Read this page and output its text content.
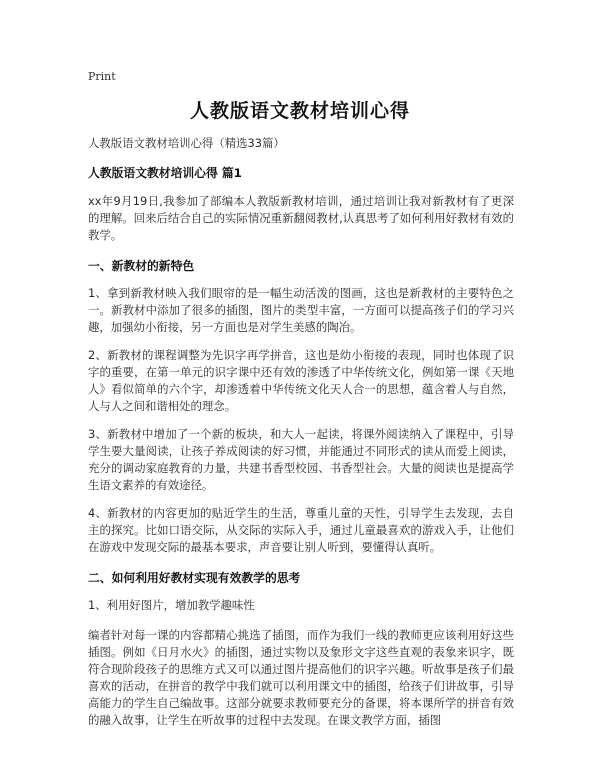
Print
人教版语文教材培训心得

人教版语文教材培训心得（精选33篇）

人教版语文教材培训心得 篇1

xx年9月19日,我参加了部编本人教版新教材培训，通过培训让我对新教材有了更深的理解。回来后结合自己的实际情况重新翻阅教材,认真思考了如何利用好教材有效的教学。

一、新教材的新特色

1、拿到新教材映入我们眼帘的是一幅生动活泼的图画，这也是新教材的主要特色之一。新教材中添加了很多的插图，图片的类型丰富，一方面可以提高孩子们的学习兴趣，加强幼小衔接，另一方面也是对学生美感的陶冶。

2、新教材的课程调整为先识字再学拼音，这也是幼小衔接的表现，同时也体现了识字的重要，在第一单元的识字课中还有效的渗透了中华传统文化，例如第一课《天地人》看似简单的六个字，却渗透着中华传统文化天人合一的思想，蕴含着人与自然，人与人之间和谐相处的理念。

3、新教材中增加了一个新的板块，和大人一起读，将课外阅读纳入了课程中，引导学生要大量阅读，让孩子养成阅读的好习惯，并能通过不同形式的读从而爱上阅读，充分的调动家庭教育的力量，共建书香型校园、书香型社会。大量的阅读也是提高学生语文素养的有效途径。

4、新教材的内容更加的贴近学生的生活，尊重儿童的天性，引导学生去发现，去自主的探究。比如口语交际，从交际的实际入手，通过儿童最喜欢的游戏入手，让他们在游戏中发现交际的最基本要求，声音要让别人听到，要懂得认真听。

二、如何利用好教材实现有效教学的思考

1、利用好图片，增加教学趣味性

编者针对每一课的内容都精心挑选了插图，而作为我们一线的教师更应该利用好这些插图。例如《日月水火》的插图，通过实物以及象形文字这些直观的表象来识字，既符合现阶段孩子的思维方式又可以通过图片提高他们的识字兴趣。听故事是孩子们最喜欢的活动，在拼音的教学中我们就可以利用课文中的插图，给孩子们讲故事，引导高能力的学生自己编故事。这部分就要求教师要充分的备课，将本课所学的拼音有效的融入故事，让学生在听故事的过程中去发现。在课文教学方面，插图
